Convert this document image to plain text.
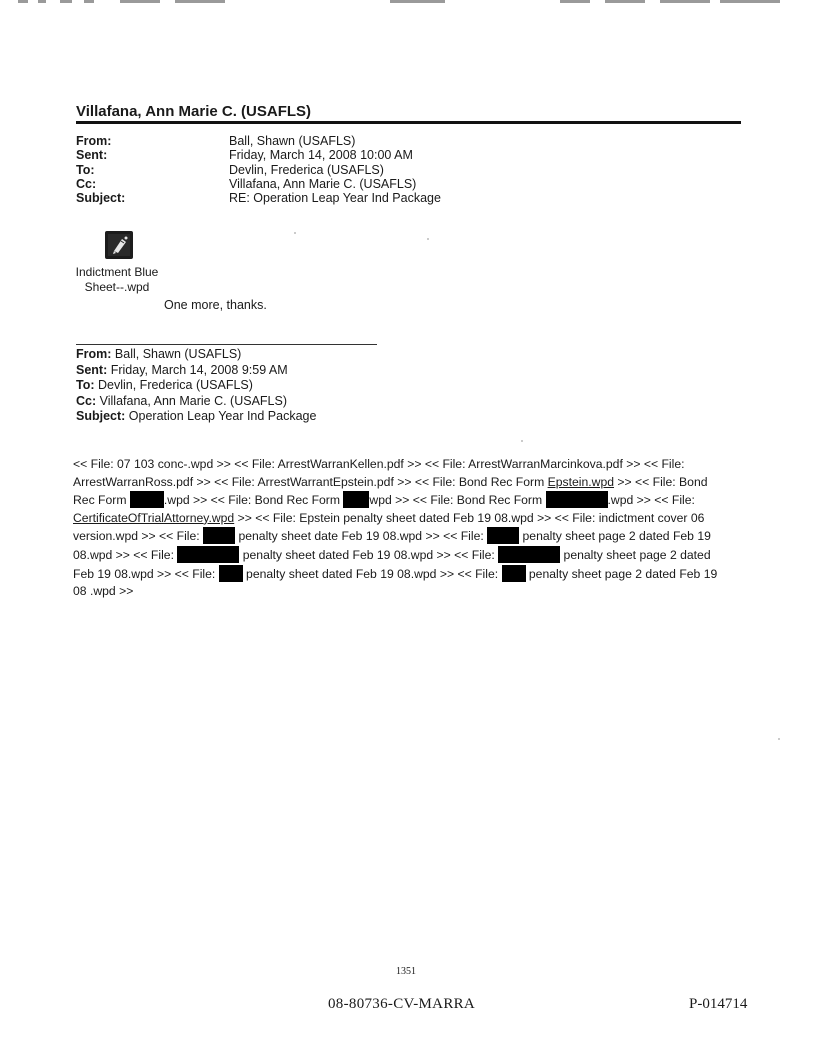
Villafana, Ann Marie C. (USAFLS)
From:	Ball, Shawn (USAFLS)
Sent:	Friday, March 14, 2008 10:00 AM
To:	Devlin, Frederica (USAFLS)
Cc:	Villafana, Ann Marie C. (USAFLS)
Subject:	RE: Operation Leap Year Ind Package
Indictment Blue
Sheet--.wpd
One more, thanks.
From: Ball, Shawn (USAFLS)
Sent: Friday, March 14, 2008 9:59 AM
To: Devlin, Frederica (USAFLS)
Cc: Villafana, Ann Marie C. (USAFLS)
Subject: Operation Leap Year Ind Package
<< File: 07 103 conc-.wpd >> << File: ArrestWarranKellen.pdf >> << File: ArrestWarranMarcinkova.pdf >> << File:
ArrestWarranRoss.pdf >> << File: ArrestWarrantEpstein.pdf >> << File: Bond Rec Form Epstein.wpd >> << File: Bond
Rec Form	.wpd >> << File: Bond Rec Form wpd >> << File: Bond Rec Form	.wpd >> << File:
CertificateOfTrialAttorney.wpd >> << File: Epstein penalty sheet dated Feb 19 08.wpd >> << File: indictment cover 06
version.wpd >> << File:	penalty sheet date Feb 19 08.wpd >> << File:	penalty sheet page 2 dated Feb 19
08.wpd >> << File:	penalty sheet dated Feb 19 08.wpd >> << File:	penalty sheet page 2 dated
Feb 19 08.wpd >> << File:  penalty sheet dated Feb 19 08.wpd >> << File:  penalty sheet page 2 dated Feb 19
08 .wpd >>
1351
08-80736-CV-MARRA	P-014714
